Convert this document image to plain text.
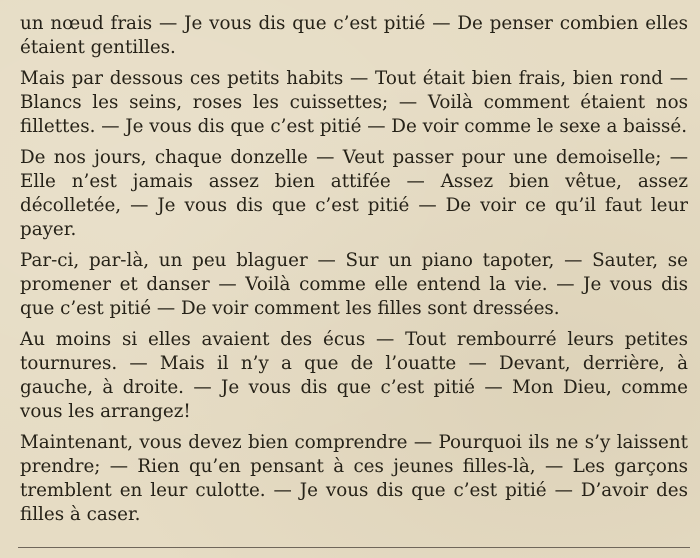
un nœud frais — Je vous dis que c’est pitié — De penser combien elles étaient gentilles.

Mais par dessous ces petits habits — Tout était bien frais, bien rond — Blancs les seins, roses les cuissettes; — Voilà comment étaient nos fillettes. — Je vous dis que c’est pitié — De voir comme le sexe a baissé.

De nos jours, chaque donzelle — Veut passer pour une demoiselle; — Elle n’est jamais assez bien attifée — Assez bien vêtue, assez décolletée, — Je vous dis que c’est pitié — De voir ce qu’il faut leur payer.

Par-ci, par-là, un peu blaguer — Sur un piano tapoter, — Sauter, se promener et danser — Voilà comme elle entend la vie. — Je vous dis que c’est pitié — De voir comment les filles sont dressées.

Au moins si elles avaient des écus — Tout rembourré leurs petites tournures. — Mais il n’y a que de l’ouatte — Devant, derrière, à gauche, à droite. — Je vous dis que c’est pitié — Mon Dieu, comme vous les arrangez!

Maintenant, vous devez bien comprendre — Pourquoi ils ne s’y laissent prendre; — Rien qu’en pensant à ces jeunes filles-là, — Les garçons tremblent en leur culotte. — Je vous dis que c’est pitié — D’avoir des filles à caser.
